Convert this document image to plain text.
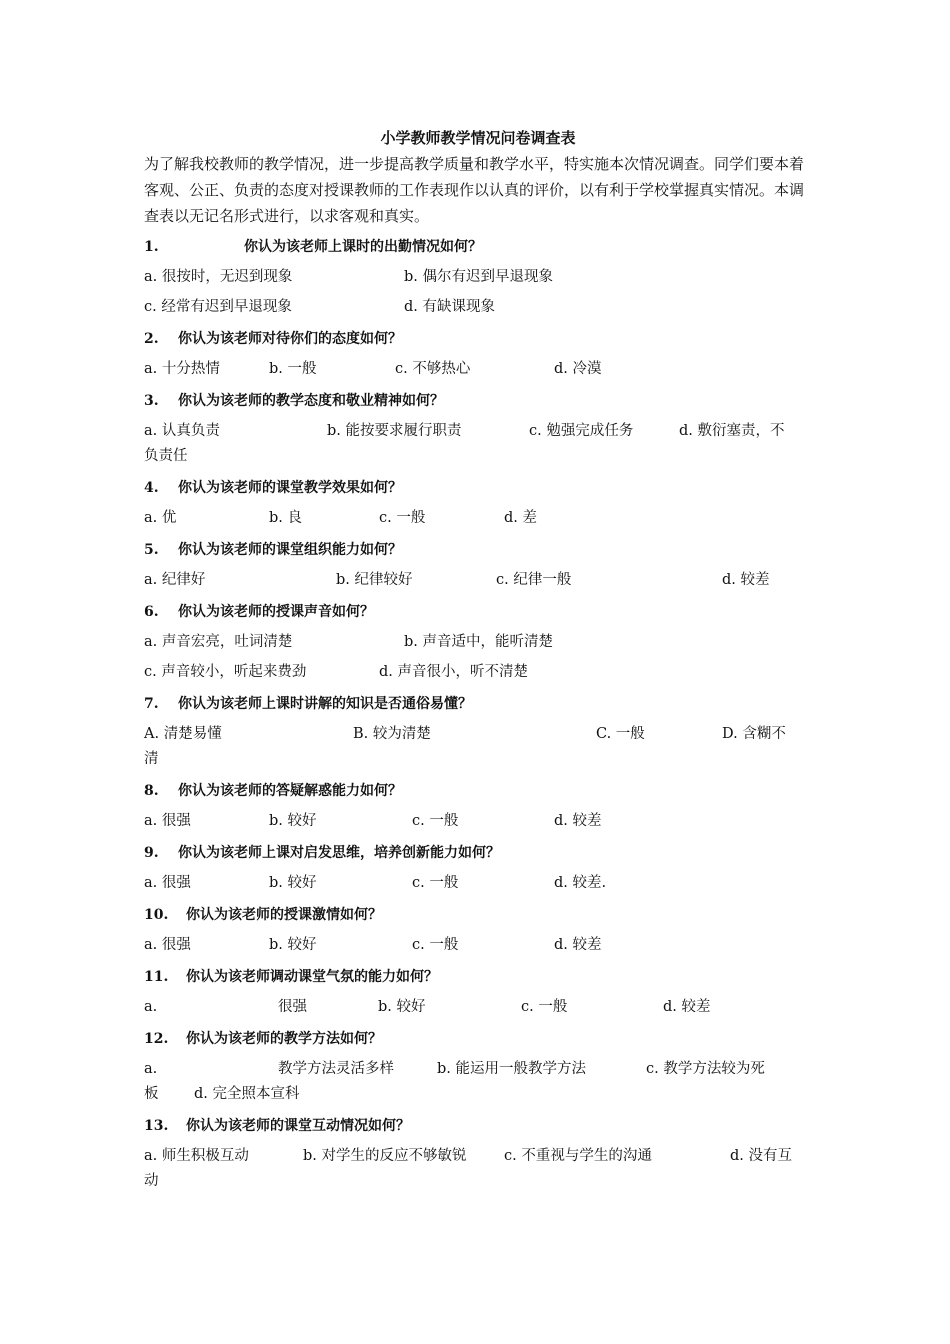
小学教师教学情况问卷调查表

为了解我校教师的教学情况，进一步提高教学质量和教学水平，特实施本次情况调查。同学们要本着客观、公正、负责的态度对授课教师的工作表现作以认真的评价，以有利于学校掌握真实情况。本调查表以无记名形式进行，以求客观和真实。

1.	你认为该老师上课时的出勤情况如何？
a. 很按时，无迟到现象	b. 偶尔有迟到早退现象
c. 经常有迟到早退现象	d. 有缺课现象
2. 你认为该老师对待你们的态度如何？
a. 十分热情	b. 一般	c. 不够热心	d. 冷漠
3. 你认为该老师的教学态度和敬业精神如何？
a. 认真负责	b. 能按要求履行职责	c. 勉强完成任务	d. 敷衍塞责，不
负责任
4. 你认为该老师的课堂教学效果如何？
a. 优	b. 良	c. 一般	d. 差
5. 你认为该老师的课堂组织能力如何？
a. 纪律好	b. 纪律较好	c. 纪律一般	d. 较差
6. 你认为该老师的授课声音如何？
a. 声音宏亮，吐词清楚	b. 声音适中，能听清楚
c. 声音较小，听起来费劲	d. 声音很小，听不清楚
7. 你认为该老师上课时讲解的知识是否通俗易懂？
A. 清楚易懂	B. 较为清楚	C. 一般	D. 含糊不
清
8. 你认为该老师的答疑解惑能力如何？
a. 很强	b. 较好	c. 一般	d. 较差
9. 你认为该老师上课对启发思维，培养创新能力如何？
a. 很强	b. 较好	c. 一般	d. 较差.
10. 你认为该老师的授课激情如何？
a. 很强	b. 较好	c. 一般	d. 较差
11. 你认为该老师调动课堂气氛的能力如何？
a.	很强	b. 较好	c. 一般	d. 较差
12. 你认为该老师的教学方法如何？
a.	教学方法灵活多样	b. 能运用一般教学方法	c. 教学方法较为死
板 d. 完全照本宣科
13. 你认为该老师的课堂互动情况如何？
a. 师生积极互动	b. 对学生的反应不够敏锐	c. 不重视与学生的沟通	d. 没有互
动
